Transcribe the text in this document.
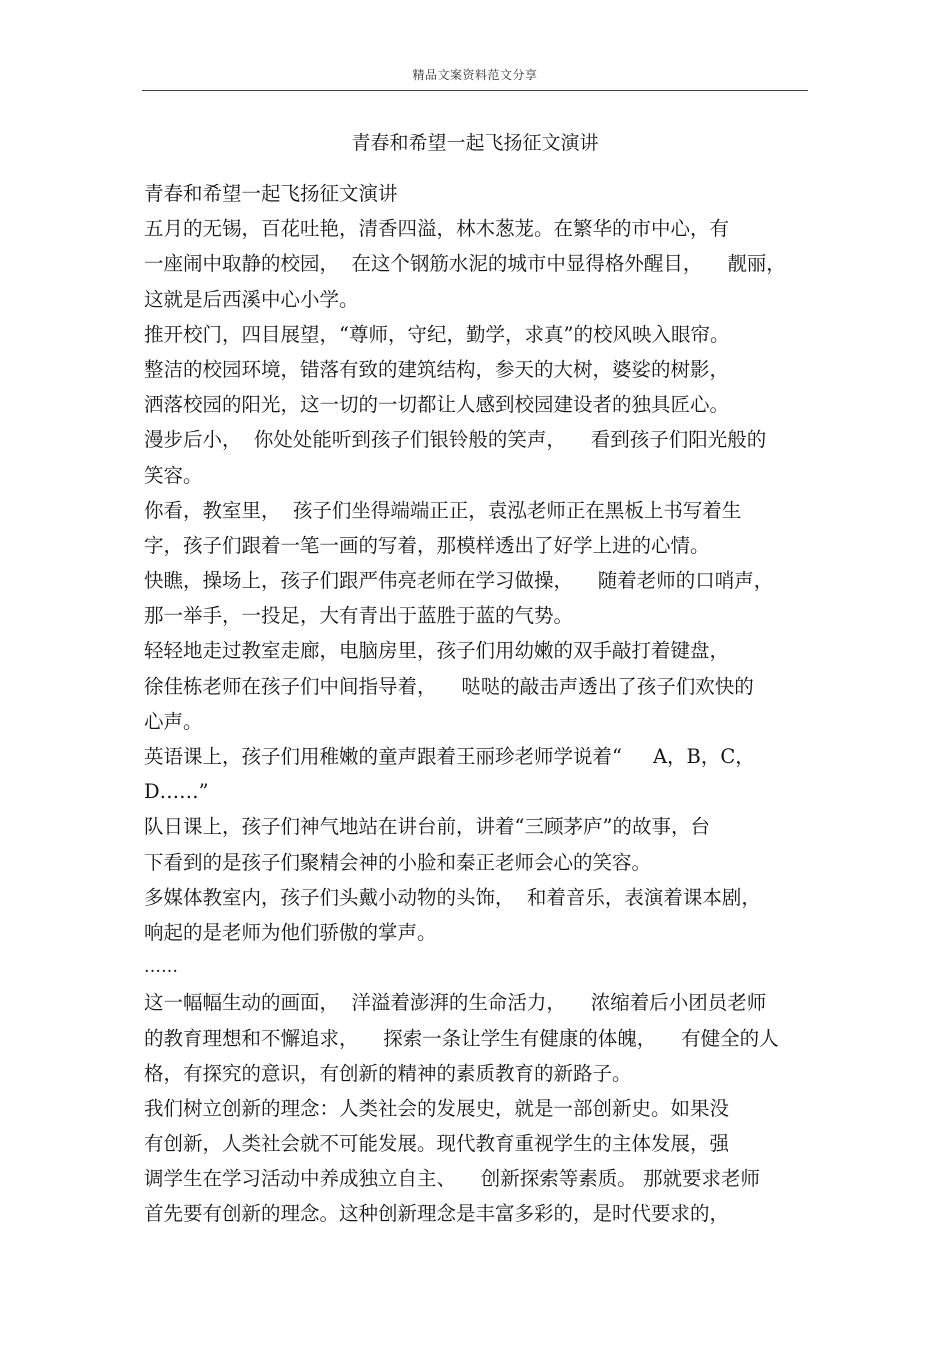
精品文案资料范文分享
青春和希望一起飞扬征文演讲
青春和希望一起飞扬征文演讲
五月的无锡，百花吐艳，清香四溢，林木葱茏。在繁华的市中心，有
一座闹中取静的校园，  在这个钢筋水泥的城市中显得格外醒目，    靓丽，
这就是后西溪中心小学。
推开校门，四目展望，“尊师，守纪，勤学，求真”的校风映入眼帘。
整洁的校园环境，错落有致的建筑结构，参天的大树，婆娑的树影，
洒落校园的阳光，这一切的一切都让人感到校园建设者的独具匠心。
漫步后小，  你处处能听到孩子们银铃般的笑声，    看到孩子们阳光般的
笑容。
你看，教室里，  孩子们坐得端端正正，袁泓老师正在黑板上书写着生
字，孩子们跟着一笔一画的写着，那模样透出了好学上进的心情。
快瞧，操场上，孩子们跟严伟亮老师在学习做操，    随着老师的口哨声，
那一举手，一投足，大有青出于蓝胜于蓝的气势。
轻轻地走过教室走廊，电脑房里，孩子们用幼嫩的双手敲打着键盘，
徐佳栋老师在孩子们中间指导着，    哒哒的敲击声透出了孩子们欢快的
心声。
英语课上，孩子们用稚嫩的童声跟着王丽珍老师学说着“     A，B，C，
D……”
队日课上，孩子们神气地站在讲台前，讲着“三顾茅庐”的故事，台
下看到的是孩子们聚精会神的小脸和秦正老师会心的笑容。
多媒体教室内，孩子们头戴小动物的头饰，  和着音乐，表演着课本剧，
响起的是老师为他们骄傲的掌声。
……
这一幅幅生动的画面，  洋溢着澎湃的生命活力，    浓缩着后小团员老师
的教育理想和不懈追求，    探索一条让学生有健康的体魄，    有健全的人
格，有探究的意识，有创新的精神的素质教育的新路子。
我们树立创新的理念：人类社会的发展史，就是一部创新史。如果没
有创新，人类社会就不可能发展。现代教育重视学生的主体发展，强
调学生在学习活动中养成独立自主、    创新探索等素质。 那就要求老师
首先要有创新的理念。这种创新理念是丰富多彩的，是时代要求的，
